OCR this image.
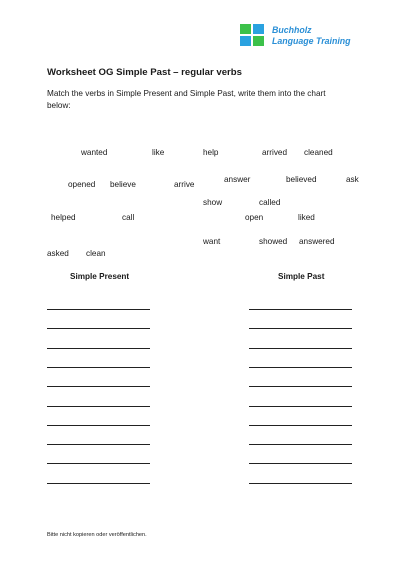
Buchholz
Language Training
Worksheet OG Simple Past – regular verbs
Match the verbs in Simple Present and Simple Past, write them into the chart below:
wanted	like	help	arrived cleaned
answer	believed	ask
opened believe	arrive
show	called
helped	call	open	liked
want	showed answered
asked clean
Simple Present	Simple Past
Bitte nicht kopieren oder veröffentlichen.
